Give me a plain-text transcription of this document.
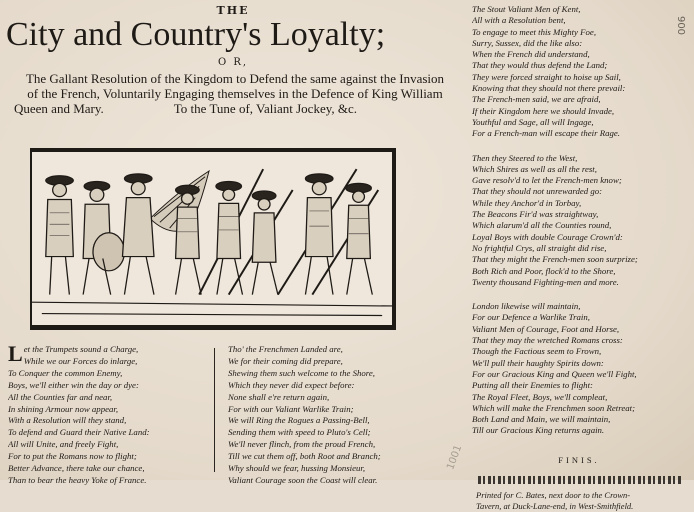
THE
City and Country's Loyalty;
O R,
The Gallant Resolution of the Kingdom to Defend the same against the Invasion
of the French, Voluntarily Engaging themselves in the Defence of King William
Queen and Mary.	To the Tune of, Valiant Jockey, &c.
L et the Trumpets sound a Charge,
While we our Forces do inlarge,
To Conquer the common Enemy,
Boys, we'll either win the day or dye:
All the Counties far and near,
In shining Armour now appear,
With a Resolution will they stand,
To defend and Guard their Native Land:
All will Unite, and freely Fight,
For to put the Romans now to flight;
Better Advance, there take our chance,
Than to bear the heavy Yoke of France.
Tho' the Frenchmen Landed are,
We for their coming did prepare,
Shewing them such welcome to the Shore,
Which they never did expect before:
None shall e're return again,
For with our Valiant Warlike Train;
We will Ring the Rogues a Passing-Bell,
Sending them with speed to Pluto's Cell;
We'll never flinch, from the proud French,
Till we cut them off, both Root and Branch;
Why should we fear, hussing Monsieur,
Valiant Courage soon the Coast will clear.
The Stout Valiant Men of Kent,
All with a Resolution bent,
To engage to meet this Mighty Foe,
Surry, Sussex, did the like also:
When the French did understand,
That they would thus defend the Land;
They were forced straight to hoise up Sail,
Knowing that they should not there prevail:
The French-men said, we are afraid,
If their Kingdom here we should Invade,
Youthful and Sage, all will Ingage,
For a French-man will escape their Rage.
Then they Steered to the West,
Which Shires as well as all the rest,
Gave resolv'd to let the French-men know;
That they should not unrewarded go:
While they Anchor'd in Torbay,
The Beacons Fir'd was straightway,
Which alarum'd all the Counties round,
Loyal Boys with double Courage Crown'd:
No frightful Crys, all straight did rise,
That they might the French-men soon surprize;
Both Rich and Poor, flock'd to the Shore,
Twenty thousand Fighting-men and more.
London likewise will maintain,
For our Defence a Warlike Train,
Valiant Men of Courage, Foot and Horse,
That they may the wretched Romans cross:
Though the Factious seem to Frown,
We'll pull their haughty Spirits down:
For our Gracious King and Queen we'll Fight,
Putting all their Enemies to flight:
The Royal Fleet, Boys, we'll compleat,
Which will make the Frenchmen soon Retreat;
Both Land and Main, we will maintain,
Till our Gracious King returns again.
FINIS.
Printed for C. Bates, next door to the Crown-
Tavern, at Duck-Lane-end, in West-Smithfield.
900
1001
